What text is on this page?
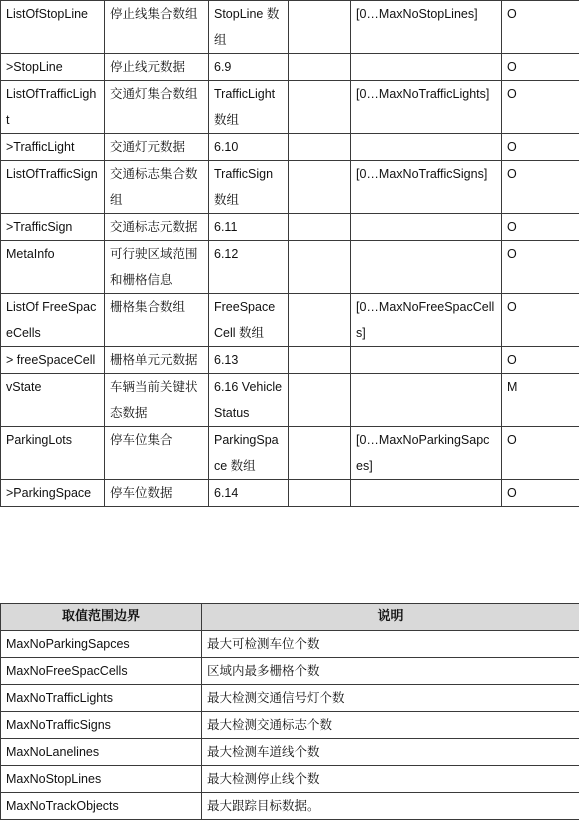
ListOfStopLine	停止线集合数组	StopLine 数组		[0…MaxNoStopLines]	O
>StopLine	停止线元数据	6.9			O
ListOfTrafficLight	交通灯集合数组	TrafficLight 数组		[0…MaxNoTrafficLights]	O
>TrafficLight	交通灯元数据	6.10			O
ListOfTrafficSign	交通标志集合数组	TrafficSign 数组		[0…MaxNoTrafficSigns]	O
>TrafficSign	交通标志元数据	6.11			O
MetaInfo	可行驶区域范围和栅格信息	6.12			O
ListOf FreeSpaceCells	栅格集合数组	FreeSpaceCell 数组		[0…MaxNoFreeSpacCells]	O
> freeSpaceCell	栅格单元元数据	6.13			O
vState	车辆当前关键状态数据	6.16 VehicleStatus			M
ParkingLots	停车位集合	ParkingSpace 数组		[0…MaxNoParkingSapces]	O
>ParkingSpace	停车位数据	6.14			O
取值范围边界	说明
MaxNoParkingSapces	最大可检测车位个数
MaxNoFreeSpacCells	区域内最多栅格个数
MaxNoTrafficLights	最大检测交通信号灯个数
MaxNoTrafficSigns	最大检测交通标志个数
MaxNoLanelines	最大检测车道线个数
MaxNoStopLines	最大检测停止线个数
MaxNoTrackObjects	最大跟踪目标数据。
